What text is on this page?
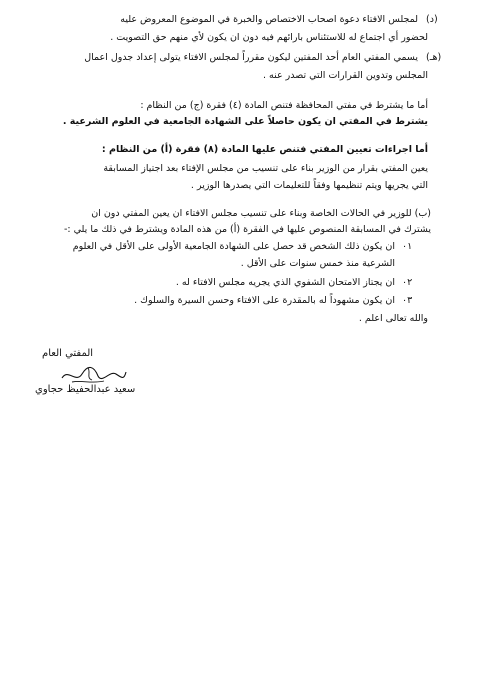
(د)
لمجلس الافتاء دعوة اصحاب الاختصاص والخبرة في الموضوع المعروض عليه
لحضور أي اجتماع له للاستئناس بارائهم فيه دون ان يكون لأي منهم حق التصويت .
(هـ)
يسمي المفتي العام أحد المفتين ليكون مقرراً لمجلس الافتاء يتولى إعداد جدول اعمال
المجلس وتدوين القرارات التي تصدر عنه .
أما ما يشترط في مفتي المحافظة فتنص المادة (٤) فقرة (ج) من النظام :
يشترط في المفتي ان يكون حاصلاً على الشهادة الجامعية في العلوم الشرعية .
أما اجراءات تعيين المفتي فتنص عليها المادة (٨) فقرة (أ) من النظام :
يعين المفتي بقرار من الوزير بناء على تنسيب من مجلس الإفتاء بعد اجتياز المسابقة
التي يجريها ويتم تنظيمها وفقاً للتعليمات التي يصدرها الوزير .
(ب) للوزير في الحالات الخاصة وبناء على تنسيب مجلس الافتاء ان يعين المفتي دون ان
يشترك في المسابقة المنصوص عليها في الفقرة (أ) من هذه المادة ويشترط في ذلك ما يلي :-
٠١
ان يكون ذلك الشخص قد حصل على الشهادة الجامعية الأولى على الأقل في العلوم
الشرعية منذ خمس سنوات على الأقل .
٠٢
ان يجتاز الامتحان الشفوي الذي يجريه مجلس الافتاء له .
٠٣
ان يكون مشهوداً له بالمقدرة على الافتاء وحسن السيرة والسلوك .
والله تعالى اعلم .
المفتي العام
سعيد عبدالحفيظ حجاوي
